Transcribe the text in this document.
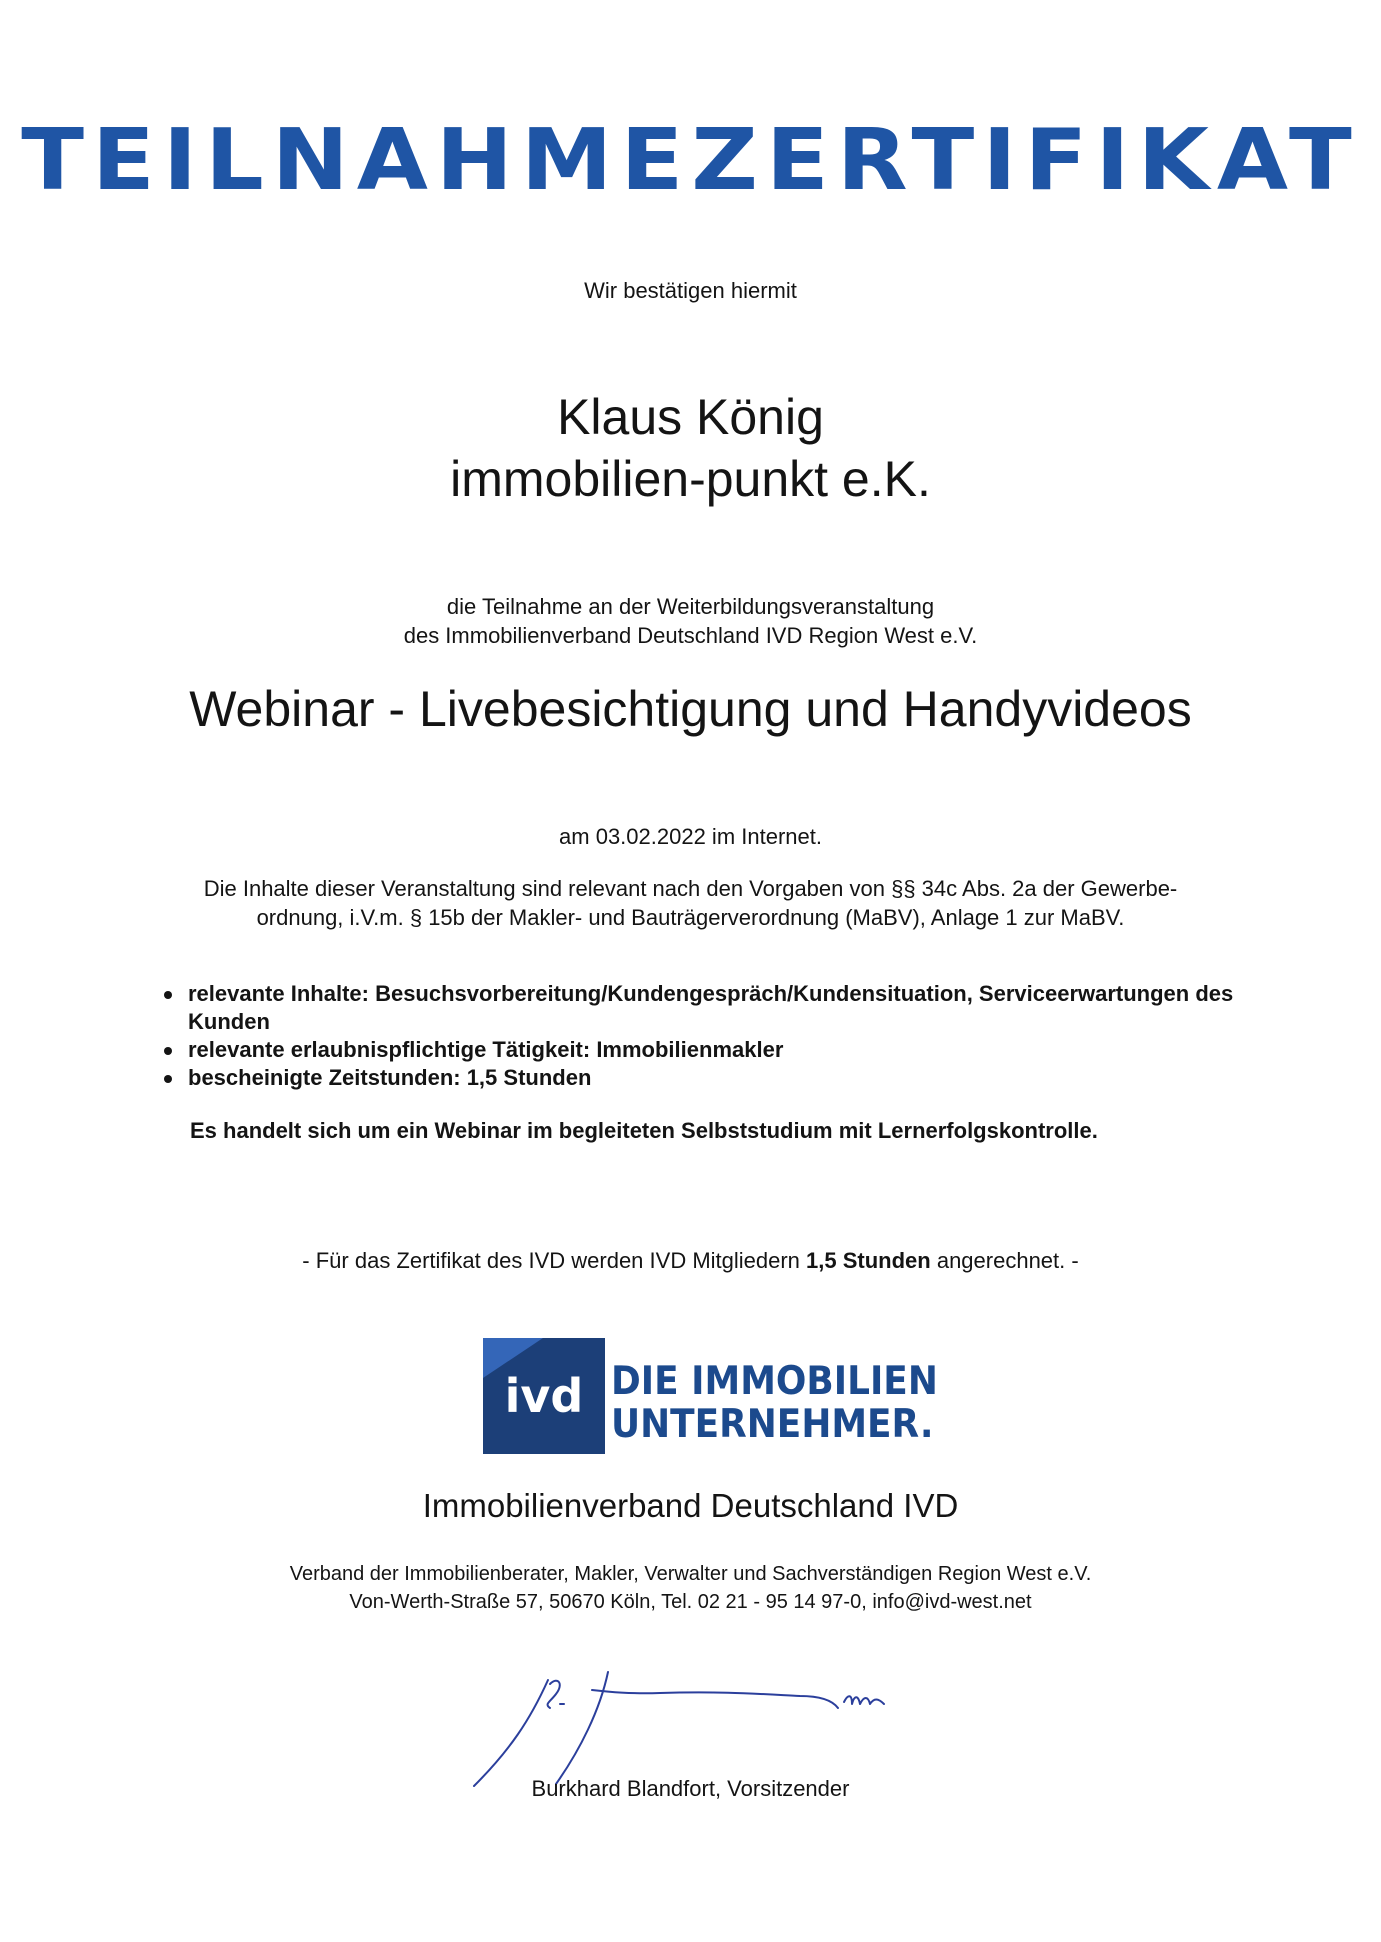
TEILNAHMEZERTIFIKAT
Wir bestätigen hiermit
Klaus König
immobilien-punkt e.K.
die Teilnahme an der Weiterbildungsveranstaltung
des Immobilienverband Deutschland IVD Region West e.V.
Webinar - Livebesichtigung und Handyvideos
am 03.02.2022 im Internet.
Die Inhalte dieser Veranstaltung sind relevant nach den Vorgaben von §§ 34c Abs. 2a der Gewerbe-
ordnung, i.V.m. § 15b der Makler- und Bauträgerverordnung (MaBV), Anlage 1 zur MaBV.
relevante Inhalte: Besuchsvorbereitung/Kundengespräch/Kundensituation, Serviceerwartungen des Kunden
relevante erlaubnispflichtige Tätigkeit: Immobilienmakler
bescheinigte Zeitstunden: 1,5 Stunden
Es handelt sich um ein Webinar im begleiteten Selbststudium mit Lernerfolgskontrolle.
- Für das Zertifikat des IVD werden IVD Mitgliedern 1,5 Stunden angerechnet. -
ivd DIE IMMOBILIEN
UNTERNEHMER.
Immobilienverband Deutschland IVD
Verband der Immobilienberater, Makler, Verwalter und Sachverständigen Region West e.V.
Von-Werth-Straße 57, 50670 Köln, Tel. 02 21 - 95 14 97-0, info@ivd-west.net
Burkhard Blandfort, Vorsitzender
